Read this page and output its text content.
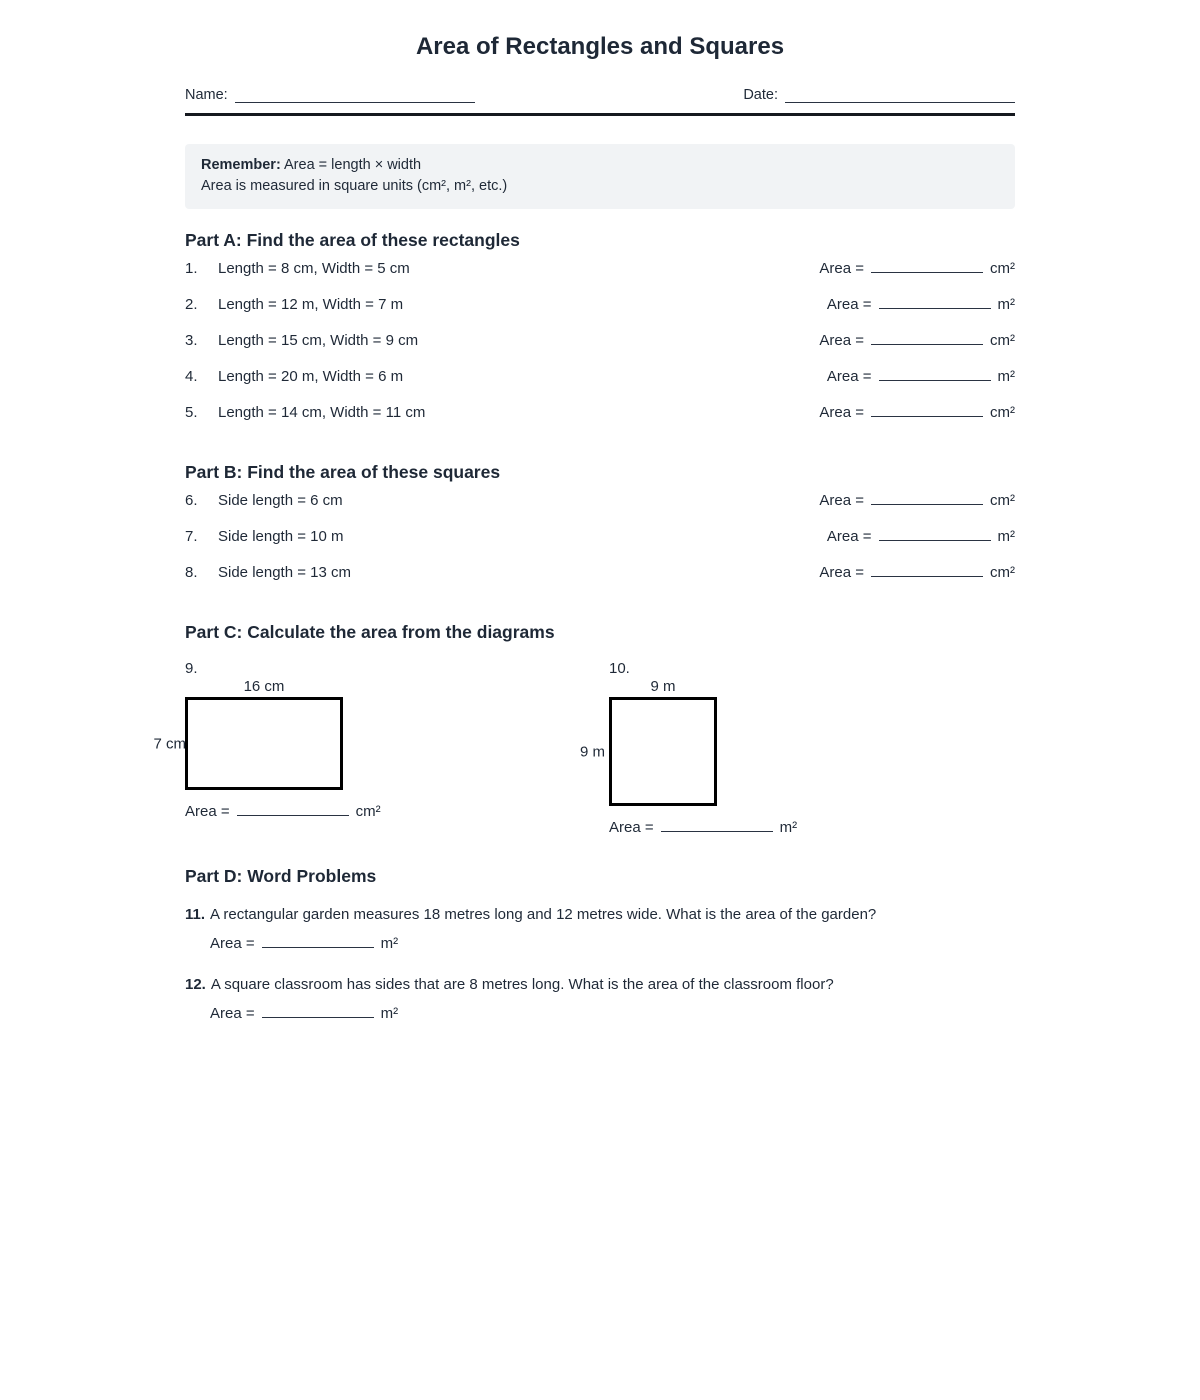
Area of Rectangles and Squares
Name:	Date:
Remember: Area = length × width
Area is measured in square units (cm², m², etc.)
Part A: Find the area of these rectangles
1.	Length = 8 cm, Width = 5 cm	Area =	cm²
2.	Length = 12 m, Width = 7 m	Area =	m²
3.	Length = 15 cm, Width = 9 cm	Area =	cm²
4.	Length = 20 m, Width = 6 m	Area =	m²
5.	Length = 14 cm, Width = 11 cm	Area =	cm²
Part B: Find the area of these squares
6.	Side length = 6 cm	Area =	cm²
7.	Side length = 10 m	Area =	m²
8.	Side length = 13 cm	Area =	cm²
Part C: Calculate the area from the diagrams
9.
16 cm
7 cm
Area =	cm²
10.
9 m
9 m
Area =	m²
Part D: Word Problems
11. A rectangular garden measures 18 metres long and 12 metres wide. What is the area of the garden?
Area =	m²
12. A square classroom has sides that are 8 metres long. What is the area of the classroom floor?
Area =	m²
